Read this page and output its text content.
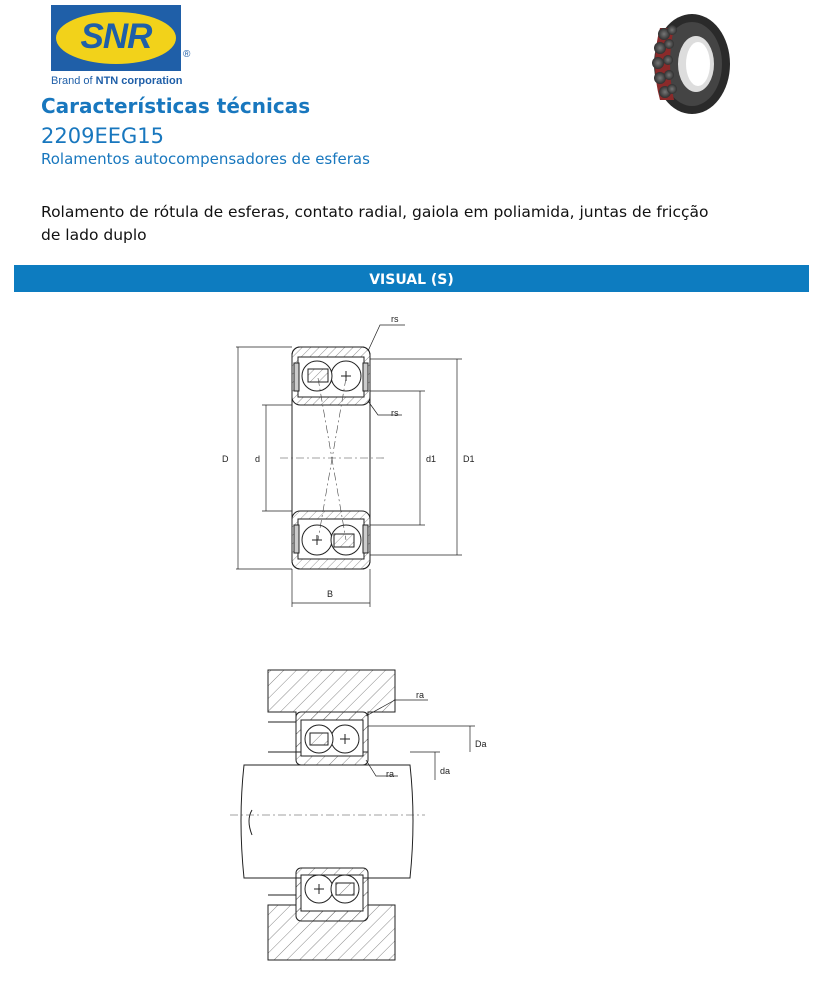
SNR	®
Brand of NTN corporation
Características técnicas
2209EEG15
Rolamentos autocompensadores de esferas
Rolamento de rótula de esferas, contato radial, gaiola em poliamida, juntas de fricção de lado duplo
VISUAL (S)
D	d	d1	D1
B
rs
rs
ra
ra
Da
da
